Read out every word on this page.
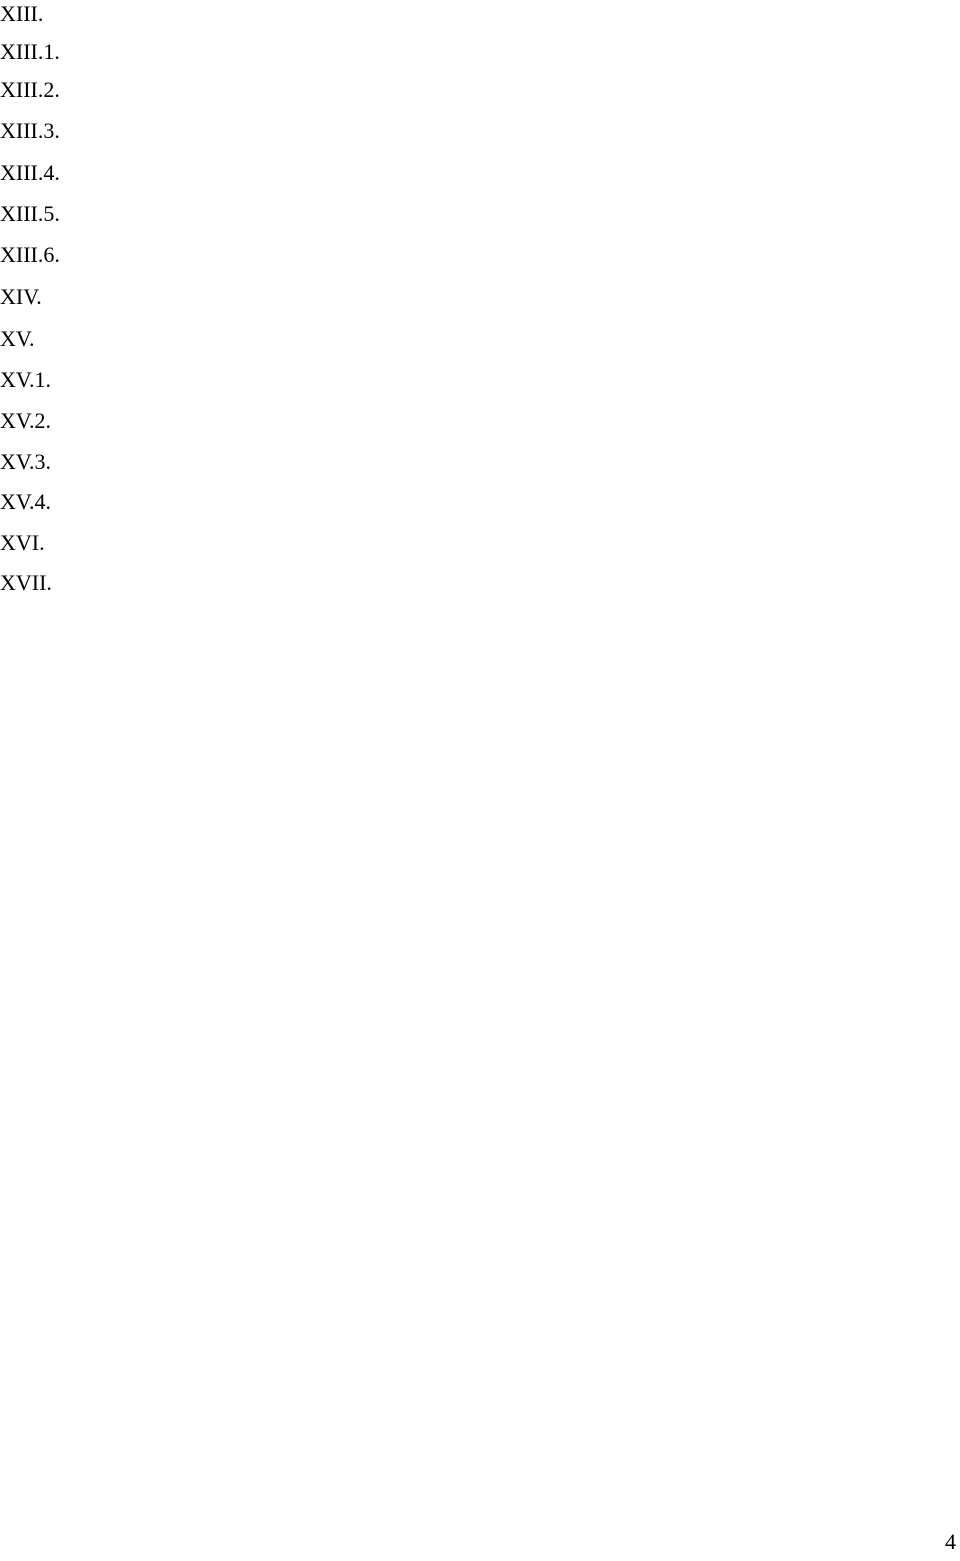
XIII.
XIII.1.
XIII.2.
XIII.3.
XIII.4.
XIII.5.
XIII.6.
XIV.
XV.
XV.1.
XV.2.
XV.3.
XV.4.
XVI.
XVII.
4
